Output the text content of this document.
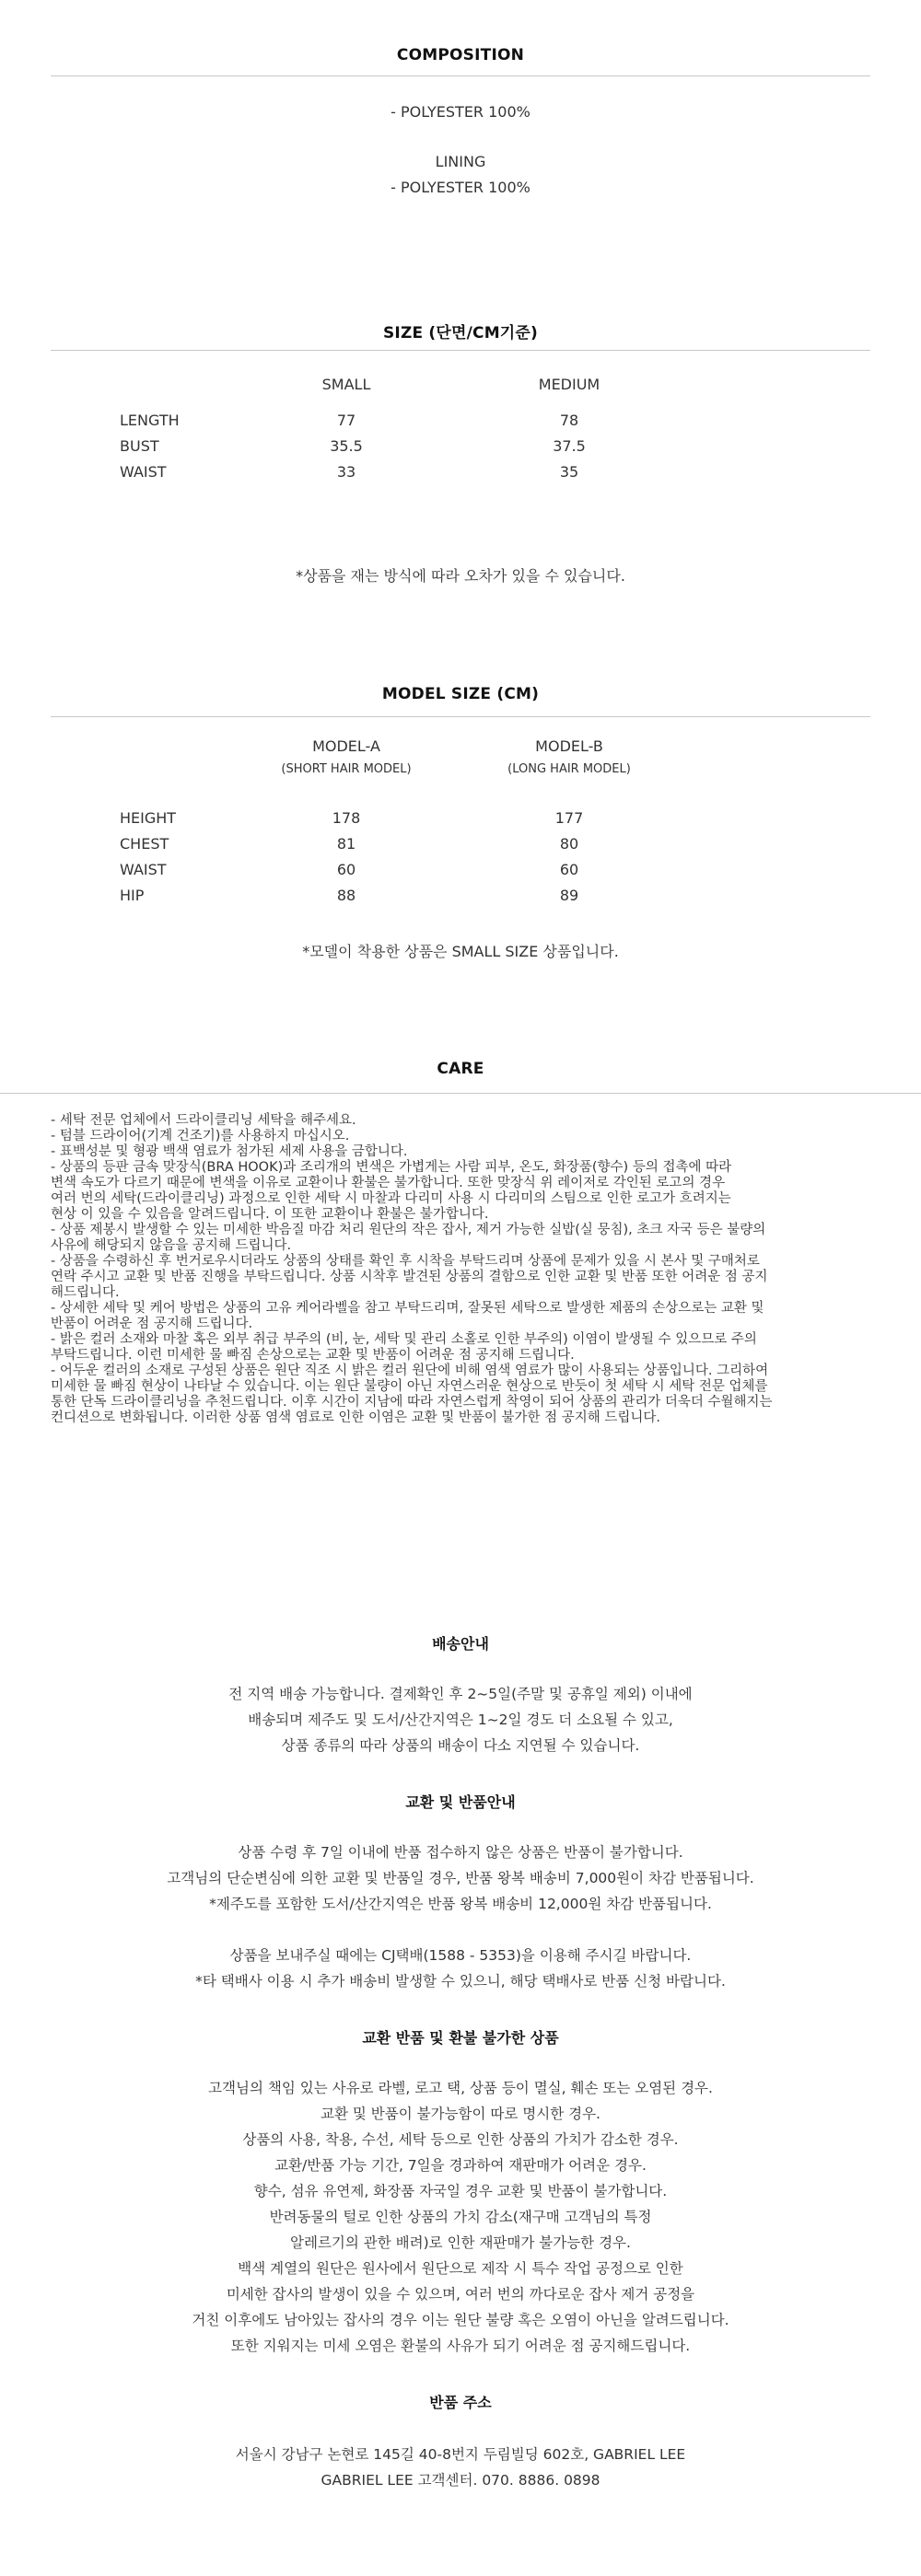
COMPOSITION
- POLYESTER 100%
LINING
- POLYESTER 100%
SIZE (단면/CM기준)
SMALL	MEDIUM
LENGTH	77	78
BUST	35.5	37.5
WAIST	33	35
*상품을 재는 방식에 따라 오차가 있을 수 있습니다.
MODEL SIZE (CM)
MODEL-A
(SHORT HAIR MODEL)
MODEL-B
(LONG HAIR MODEL)
HEIGHT	178	177
CHEST	81	80
WAIST	60	60
HIP	88	89
*모델이 착용한 상품은 SMALL SIZE 상품입니다.
CARE
- 세탁 전문 업체에서 드라이클리닝 세탁을 해주세요.
- 텀블 드라이어(기계 건조기)를 사용하지 마십시오.
- 표백성분 및 형광 백색 염료가 첨가된 세제 사용을 금합니다.
- 상품의 등판 금속 맞장식(BRA HOOK)과 조리개의 변색은 가볍게는 사람 피부, 온도, 화장품(향수) 등의 접촉에 따라
변색 속도가 다르기 때문에 변색을 이유로 교환이나 환불은 불가합니다. 또한 맞장식 위 레이저로 각인된 로고의 경우
여러 번의 세탁(드라이클리닝) 과정으로 인한 세탁 시 마찰과 다리미 사용 시 다리미의 스팀으로 인한 로고가 흐려지는
현상 이 있을 수 있음을 알려드립니다. 이 또한 교환이나 환불은 불가합니다.
- 상품 제봉시 발생할 수 있는 미세한 박음질 마감 처리 원단의 작은 잡사, 제거 가능한 실밥(실 뭉침), 초크 자국 등은 불량의
사유에 해당되지 않음을 공지해 드립니다.
- 상품을 수령하신 후 번거로우시더라도 상품의 상태를 확인 후 시착을 부탁드리며 상품에 문제가 있을 시 본사 및 구매처로
연락 주시고 교환 및 반품 진행을 부탁드립니다. 상품 시착후 발견된 상품의 결함으로 인한 교환 및 반품 또한 어려운 점 공지
해드립니다.
- 상세한 세탁 및 케어 방법은 상품의 고유 케어라벨을 참고 부탁드리며, 잘못된 세탁으로 발생한 제품의 손상으로는 교환 및
반품이 어려운 점 공지해 드립니다.
- 밝은 컬러 소재와 마찰 혹은 외부 취급 부주의 (비, 눈, 세탁 및 관리 소홀로 인한 부주의) 이염이 발생될 수 있으므로 주의
부탁드립니다. 이런 미세한 물 빠짐 손상으로는 교환 및 반품이 어려운 점 공지해 드립니다.
- 어두운 컬러의 소재로 구성된 상품은 원단 직조 시 밝은 컬러 원단에 비해 염색 염료가 많이 사용되는 상품입니다. 그리하여
미세한 물 빠짐 현상이 나타날 수 있습니다. 이는 원단 불량이 아닌 자연스러운 현상으로 반듯이 첫 세탁 시 세탁 전문 업체를
통한 단독 드라이클리닝을 추천드립니다. 이후 시간이 지남에 따라 자연스럽게 착영이 되어 상품의 관리가 더욱더 수월해지는
컨디션으로 변화됩니다. 이러한 상품 염색 염료로 인한 이염은 교환 및 반품이 불가한 점 공지해 드립니다.
배송안내
전 지역 배송 가능합니다. 결제확인 후 2~5일(주말 및 공휴일 제외) 이내에
배송되며 제주도 및 도서/산간지역은 1~2일 경도 더 소요될 수 있고,
상품 종류의 따라 상품의 배송이 다소 지연될 수 있습니다.
교환 및 반품안내
상품 수령 후 7일 이내에 반품 접수하지 않은 상품은 반품이 불가합니다.
고객님의 단순변심에 의한 교환 및 반품일 경우, 반품 왕복 배송비 7,000원이 차감 반품됩니다.
*제주도를 포함한 도서/산간지역은 반품 왕복 배송비 12,000원 차감 반품됩니다.
상품을 보내주실 때에는 CJ택배(1588 - 5353)을 이용해 주시길 바랍니다.
*타 택배사 이용 시 추가 배송비 발생할 수 있으니, 해당 택배사로 반품 신청 바랍니다.
교환 반품 및 환불 불가한 상품
고객님의 책임 있는 사유로 라벨, 로고 택, 상품 등이 멸실, 훼손 또는 오염된 경우.
교환 및 반품이 불가능함이 따로 명시한 경우.
상품의 사용, 착용, 수선, 세탁 등으로 인한 상품의 가치가 감소한 경우.
교환/반품 가능 기간, 7일을 경과하여 재판매가 어려운 경우.
향수, 섬유 유연제, 화장품 자국일 경우 교환 및 반품이 불가합니다.
반려동물의 털로 인한 상품의 가치 감소(재구매 고객님의 특정
알레르기의 관한 배려)로 인한 재판매가 불가능한 경우.
백색 계열의 원단은 원사에서 원단으로 제작 시 특수 작업 공정으로 인한
미세한 잡사의 발생이 있을 수 있으며, 여러 번의 까다로운 잡사 제거 공정을
거친 이후에도 남아있는 잡사의 경우 이는 원단 불량 혹은 오염이 아닌을 알려드립니다.
또한 지워지는 미세 오염은 환불의 사유가 되기 어려운 점 공지해드립니다.
반품 주소
서울시 강남구 논현로 145길 40-8번지 두림빌딩 602호, GABRIEL LEE
GABRIEL LEE 고객센터. 070. 8886. 0898
